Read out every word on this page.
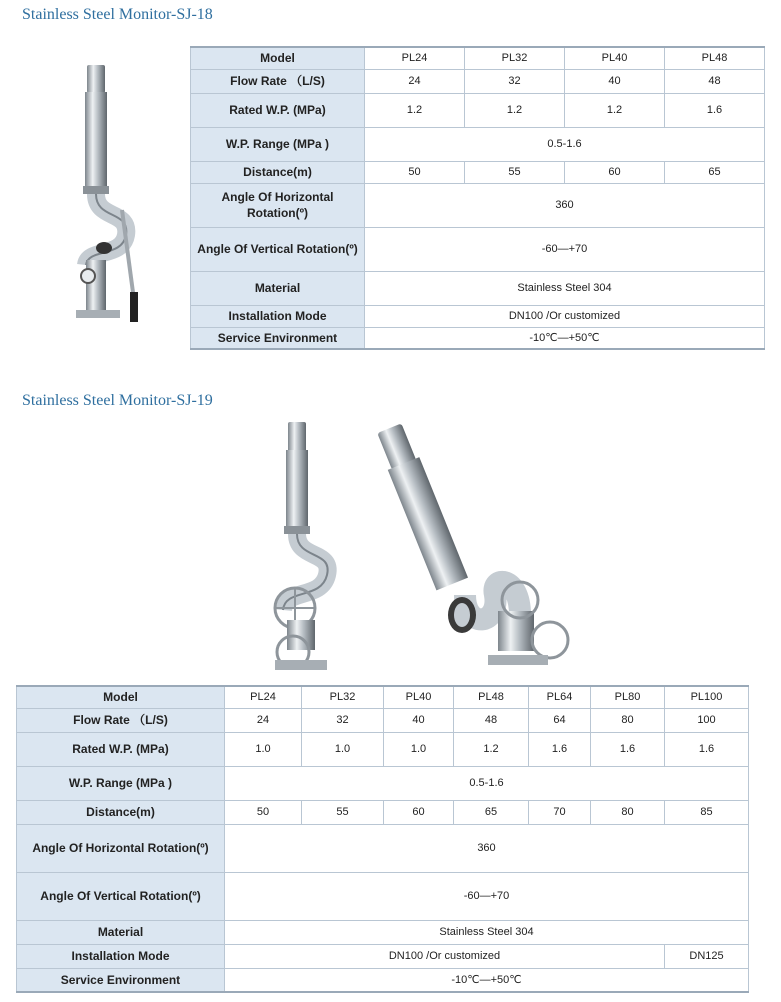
Stainless Steel Monitor-SJ-18
Model	PL24	PL32	PL40	PL48
Flow Rate （L/S)	24	32	40	48
Rated W.P. (MPa)	1.2	1.2	1.2	1.6
W.P. Range (MPa )	0.5-1.6			
Distance(m)	50	55	60	65
Angle Of Horizontal Rotation(º)	360			
Angle Of Vertical Rotation(º)	-60—+70			
Material	Stainless Steel 304			
Installation Mode	DN100 /Or customized			
Service Environment	-10℃—+50℃			
Stainless Steel Monitor-SJ-19
Model	PL24	PL32	PL40	PL48	PL64	PL80	PL100
Flow Rate （L/S)	24	32	40	48	64	80	100
Rated W.P. (MPa)	1.0	1.0	1.0	1.2	1.6	1.6	1.6
W.P. Range (MPa )	0.5-1.6						
Distance(m)	50	55	60	65	70	80	85
Angle Of Horizontal Rotation(º)	360						
Angle Of Vertical Rotation(º)	-60—+70						
Material	Stainless Steel 304						
Installation Mode	DN100 /Or customized						DN125
Service Environment	-10℃—+50℃						
